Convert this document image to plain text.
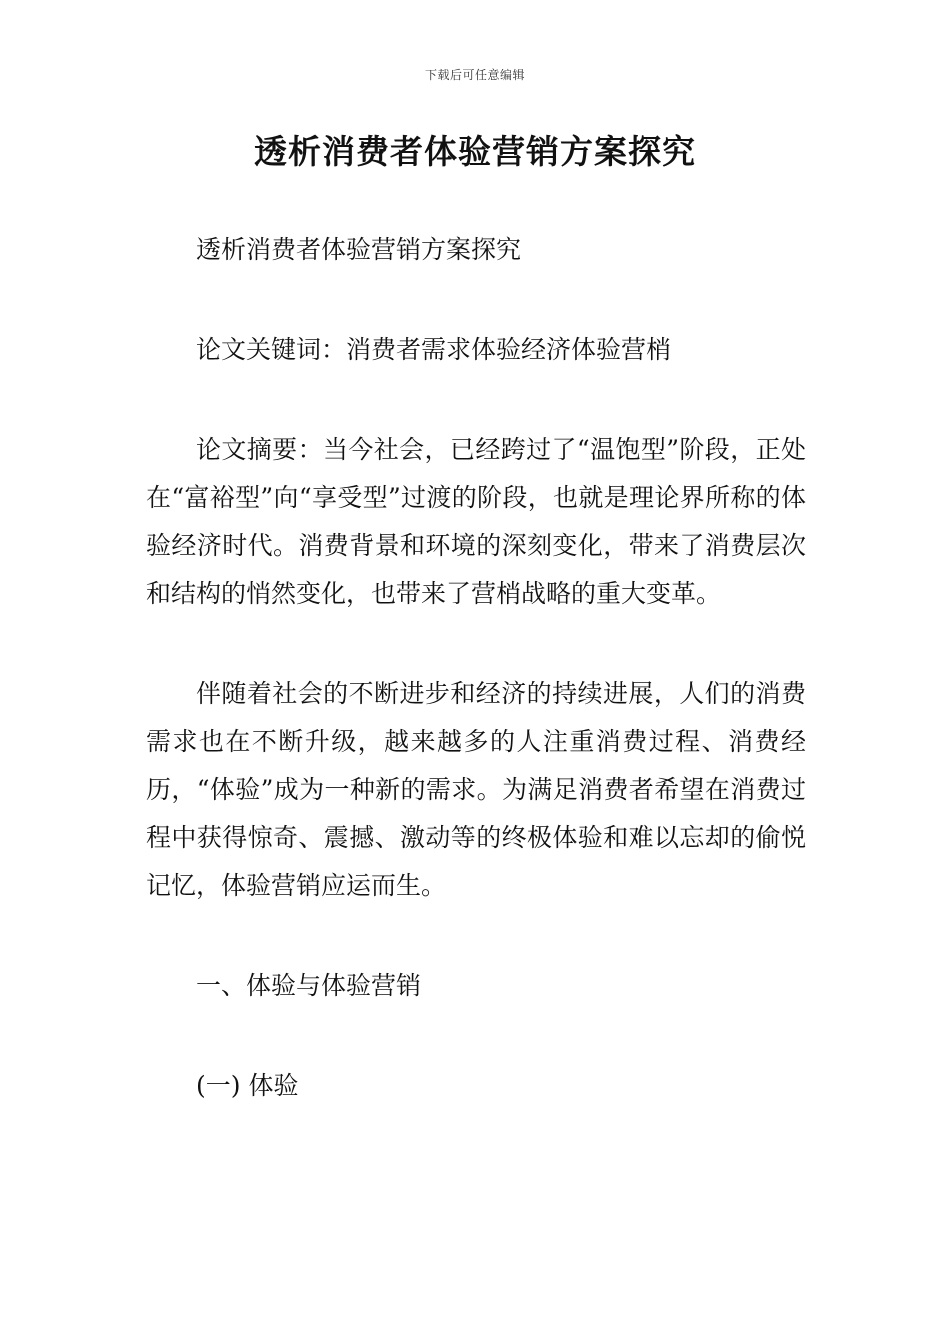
下载后可任意编辑
透析消费者体验营销方案探究

透析消费者体验营销方案探究

论文关键词：消费者需求体验经济体验营梢

论文摘要：当今社会，已经跨过了“温饱型”阶段，正处在“富裕型”向“享受型”过渡的阶段，也就是理论界所称的体验经济时代。消费背景和环境的深刻变化，带来了消费层次和结构的悄然变化，也带来了营梢战略的重大变革。

伴随着社会的不断进步和经济的持续进展，人们的消费需求也在不断升级，越来越多的人注重消费过程、消费经历，“体验”成为一种新的需求。为满足消费者希望在消费过程中获得惊奇、震撼、激动等的终极体验和难以忘却的偷悦记忆，体验营销应运而生。

一、体验与体验营销

(一) 体验
